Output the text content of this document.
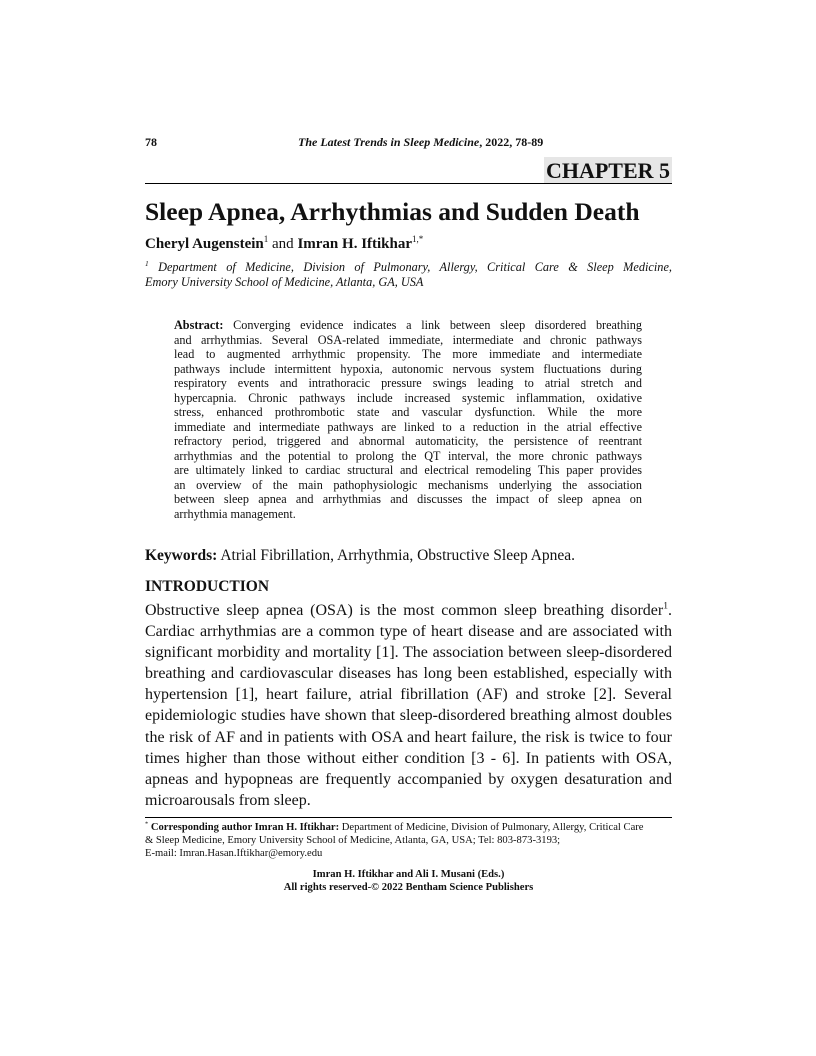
78	The Latest Trends in Sleep Medicine, 2022, 78-89
CHAPTER 5
Sleep Apnea, Arrhythmias and Sudden Death
Cheryl Augenstein$^1$ and Imran H. Iftikhar$^{1,*}$
$^1$ Department of Medicine, Division of Pulmonary, Allergy, Critical Care & Sleep Medicine,
Emory University School of Medicine, Atlanta, GA, USA
Abstract: Converging evidence indicates a link between sleep disordered breathing
and arrhythmias. Several OSA-related immediate, intermediate and chronic pathways
lead to augmented arrhythmic propensity. The more immediate and intermediate
pathways include intermittent hypoxia, autonomic nervous system fluctuations during
respiratory events and intrathoracic pressure swings leading to atrial stretch and
hypercapnia. Chronic pathways include increased systemic inflammation, oxidative
stress, enhanced prothrombotic state and vascular dysfunction. While the more
immediate and intermediate pathways are linked to a reduction in the atrial effective
refractory period, triggered and abnormal automaticity, the persistence of reentrant
arrhythmias and the potential to prolong the QT interval, the more chronic pathways
are ultimately linked to cardiac structural and electrical remodeling This paper provides
an overview of the main pathophysiologic mechanisms underlying the association
between sleep apnea and arrhythmias and discusses the impact of sleep apnea on
arrhythmia management.
Keywords: Atrial Fibrillation, Arrhythmia, Obstructive Sleep Apnea.
INTRODUCTION
Obstructive sleep apnea (OSA) is the most common sleep breathing disorder$^1$.
Cardiac arrhythmias are a common type of heart disease and are associated with
significant morbidity and mortality [1]. The association between sleep-disordered
breathing and cardiovascular diseases has long been established, especially with
hypertension [1], heart failure, atrial fibrillation (AF) and stroke [2]. Several
epidemiologic studies have shown that sleep-disordered breathing almost doubles
the risk of AF and in patients with OSA and heart failure, the risk is twice to four
times higher than those without either condition [3 - 6]. In patients with OSA,
apneas and hypopneas are frequently accompanied by oxygen desaturation and
microarousals from sleep.
* Corresponding author Imran H. Iftikhar: Department of Medicine, Division of Pulmonary, Allergy, Critical Care
& Sleep Medicine, Emory University School of Medicine, Atlanta, GA, USA; Tel: 803-873-3193;
E-mail: Imran.Hasan.Iftikhar@emory.edu
Imran H. Iftikhar and Ali I. Musani (Eds.)
All rights reserved-© 2022 Bentham Science Publishers
